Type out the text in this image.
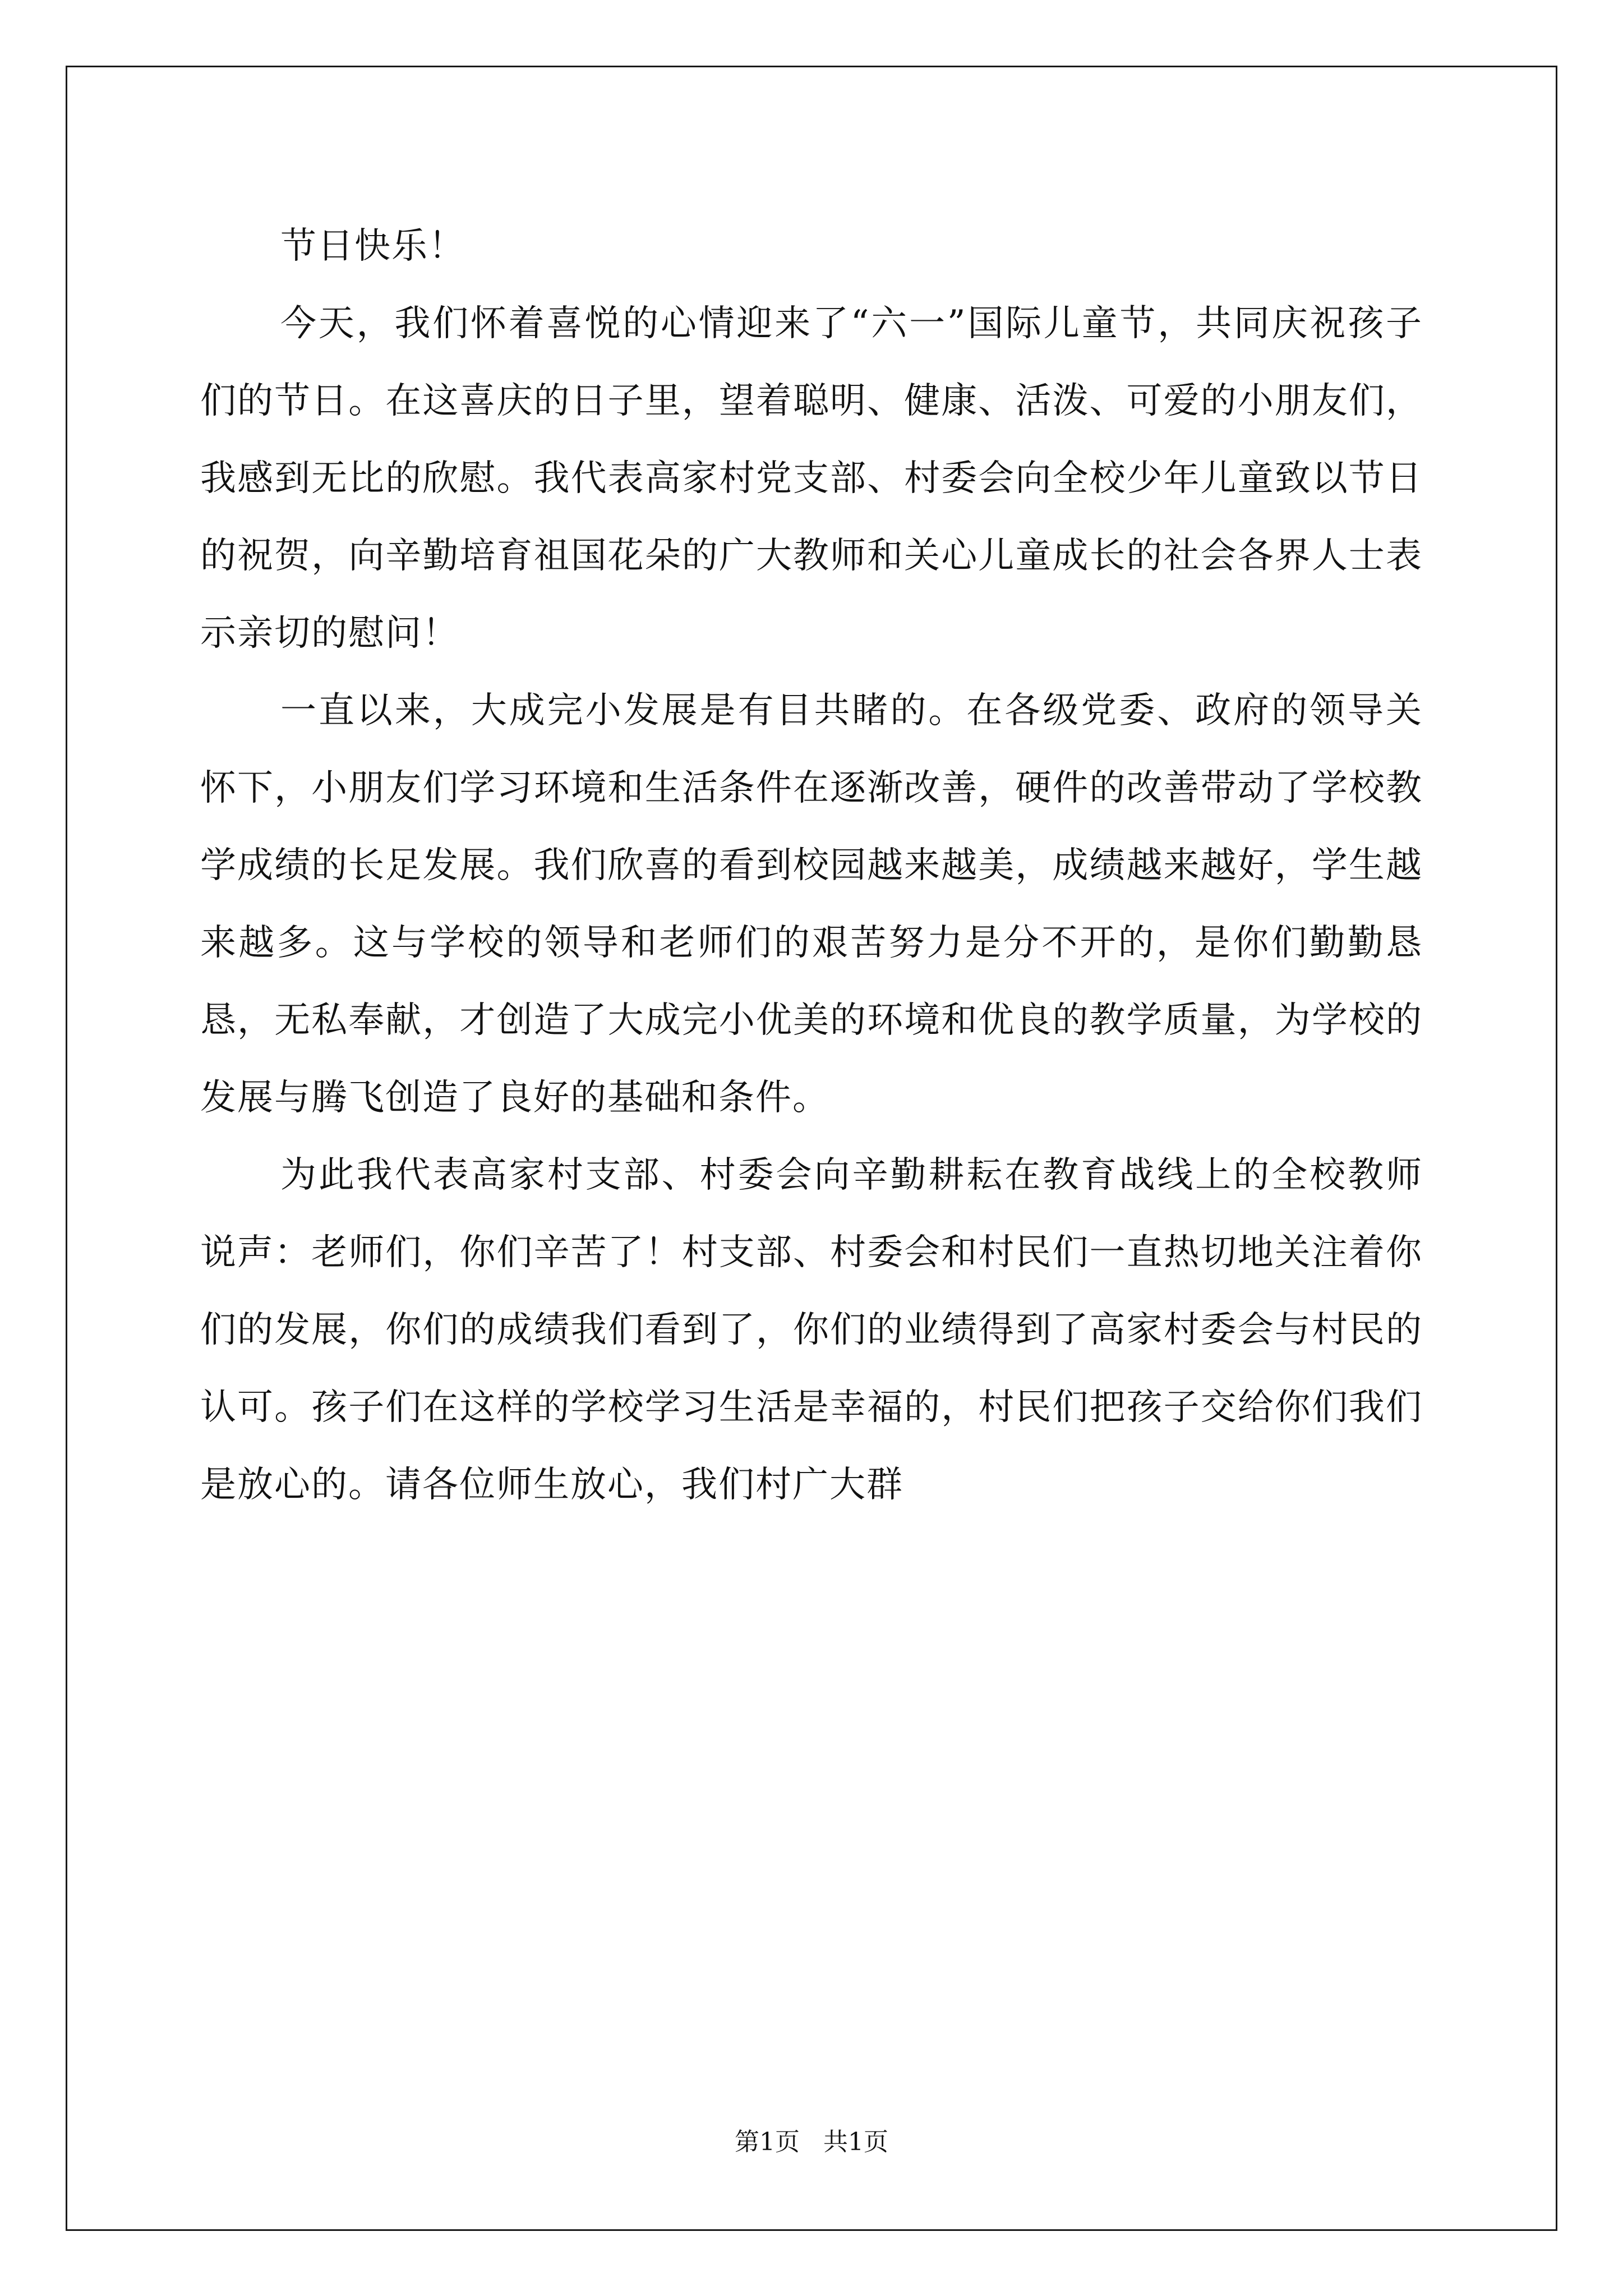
节日快乐！

今天，我们怀着喜悦的心情迎来了“六一”国际儿童节，共同庆祝孩子们的节日。在这喜庆的日子里，望着聪明、健康、活泼、可爱的小朋友们，我感到无比的欣慰。我代表高家村党支部、村委会向全校少年儿童致以节日的祝贺，向辛勤培育祖国花朵的广大教师和关心儿童成长的社会各界人士表示亲切的慰问！

一直以来，大成完小发展是有目共睹的。在各级党委、政府的领导关怀下，小朋友们学习环境和生活条件在逐渐改善，硬件的改善带动了学校教学成绩的长足发展。我们欣喜的看到校园越来越美，成绩越来越好，学生越来越多。这与学校的领导和老师们的艰苦努力是分不开的，是你们勤勤恳恳，无私奉献，才创造了大成完小优美的环境和优良的教学质量，为学校的发展与腾飞创造了良好的基础和条件。

为此我代表高家村支部、村委会向辛勤耕耘在教育战线上的全校教师说声：老师们，你们辛苦了！村支部、村委会和村民们一直热切地关注着你们的发展，你们的成绩我们看到了，你们的业绩得到了高家村委会与村民的认可。孩子们在这样的学校学习生活是幸福的，村民们把孩子交给你们我们是放心的。请各位师生放心，我们村广大群

第1页   共1页
